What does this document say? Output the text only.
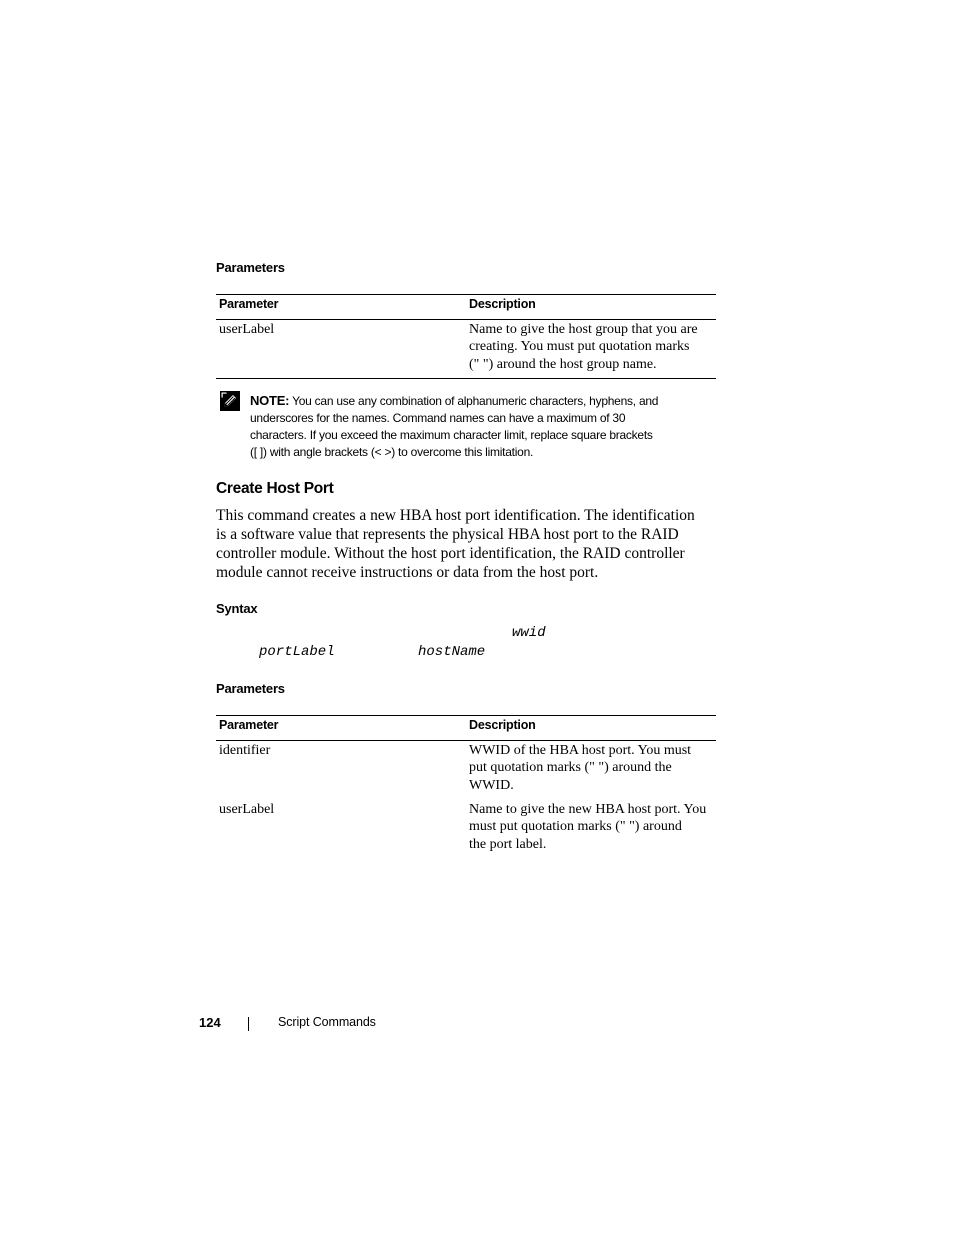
Parameters
Parameter	Description
userLabel	Name to give the host group that you are
creating. You must put quotation marks
(" ") around the host group name.
NOTE: You can use any combination of alphanumeric characters, hyphens, and
underscores for the names. Command names can have a maximum of 30
characters. If you exceed the maximum character limit, replace square brackets
([ ]) with angle brackets (< >) to overcome this limitation.
Create Host Port
This command creates a new HBA host port identification. The identification
is a software value that represents the physical HBA host port to the RAID
controller module. Without the host port identification, the RAID controller
module cannot receive instructions or data from the host port.
Syntax
wwid
portLabel	hostName
Parameters
Parameter	Description
identifier	WWID of the HBA host port. You must
put quotation marks (" ") around the
WWID.
userLabel	Name to give the new HBA host port. You
must put quotation marks (" ") around
the port label.
124	Script Commands
